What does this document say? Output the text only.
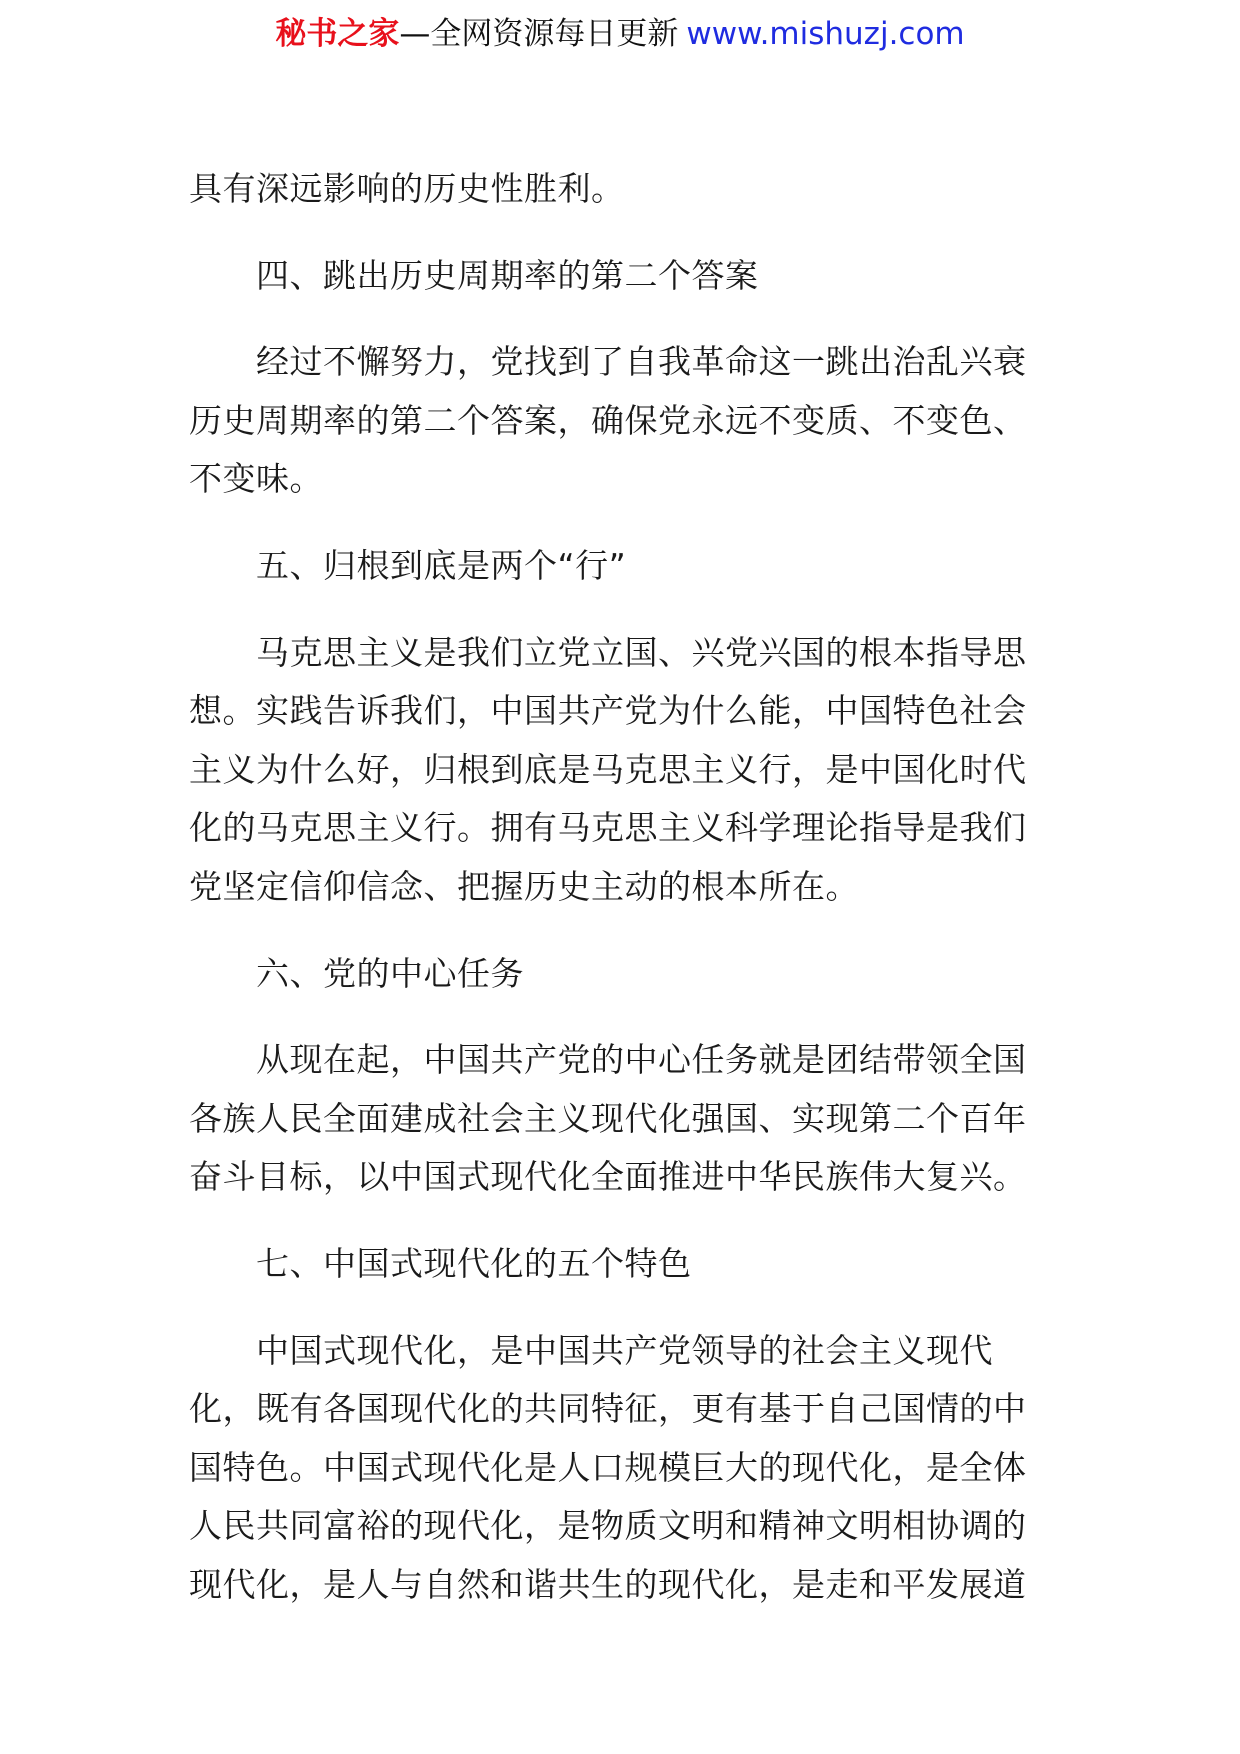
秘书之家—全网资源每日更新 www.mishuzj.com

具有深远影响的历史性胜利。

四、跳出历史周期率的第二个答案

经过不懈努力，党找到了自我革命这一跳出治乱兴衰历史周期率的第二个答案，确保党永远不变质、不变色、不变味。

五、归根到底是两个“行”

马克思主义是我们立党立国、兴党兴国的根本指导思想。实践告诉我们，中国共产党为什么能，中国特色社会主义为什么好，归根到底是马克思主义行，是中国化时代化的马克思主义行。拥有马克思主义科学理论指导是我们党坚定信仰信念、把握历史主动的根本所在。

六、党的中心任务

从现在起，中国共产党的中心任务就是团结带领全国各族人民全面建成社会主义现代化强国、实现第二个百年奋斗目标，以中国式现代化全面推进中华民族伟大复兴。

七、中国式现代化的五个特色

中国式现代化，是中国共产党领导的社会主义现代化，既有各国现代化的共同特征，更有基于自己国情的中国特色。中国式现代化是人口规模巨大的现代化，是全体人民共同富裕的现代化，是物质文明和精神文明相协调的现代化，是人与自然和谐共生的现代化，是走和平发展道
